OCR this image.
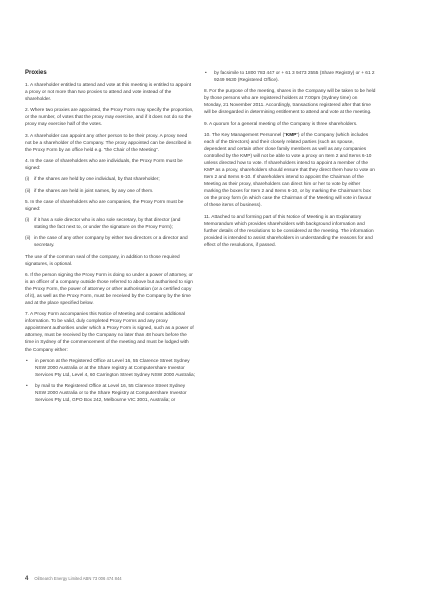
Proxies

1. A shareholder entitled to attend and vote at this meeting is entitled to appoint a proxy or not more than two proxies to attend and vote instead of the shareholder.

2. Where two proxies are appointed, the Proxy Form may specify the proportion, or the number, of votes that the proxy may exercise, and if it does not do so the proxy may exercise half of the votes.

3. A shareholder can appoint any other person to be their proxy. A proxy need not be a shareholder of the Company. The proxy appointed can be described in the Proxy Form by an office held e.g. “the Chair of the Meeting”.

4. In the case of shareholders who are individuals, the Proxy Form must be signed:

(i)	if the shares are held by one individual, by that shareholder;
(ii) if the shares are held in joint names, by any one of them.

5. In the case of shareholders who are companies, the Proxy Form must be signed:

(i)	if it has a sole director who is also sole secretary, by that director (and stating the fact next to, or under the signature on the Proxy Form);
(ii) in the case of any other company by either two directors or a director and secretary.

The use of the common seal of the company, in addition to those required signatures, is optional.

6. If the person signing the Proxy Form is doing so under a power of attorney, or is an officer of a company outside those referred to above but authorised to sign the Proxy Form, the power of attorney or other authorisation (or a certified copy of it), as well as the Proxy Form, must be received by the Company by the time and at the place specified below.

7. A Proxy Form accompanies this Notice of Meeting and contains additional information. To be valid, duly completed Proxy Forms and any proxy appointment authorities under which a Proxy Form is signed, such as a power of attorney, must be received by the Company no later than 48 hours before the time in Sydney of the commencement of the meeting and must be lodged with the Company either:

•	in person at the Registered Office at Level 16, 55 Clarence Street Sydney NSW 2000 Australia or at the Share registry at Computershare Investor Services Pty Ltd, Level 4, 60 Carrington Street Sydney NSW 2000 Australia;
•	by mail to the Registered Office at Level 16, 55 Clarence Street Sydney NSW 2000 Australia or to the Share Registry at Computershare Investor Services Pty Ltd, GPO Box 242, Melbourne VIC 3001, Australia; or
•	by facsimile to 1800 783 447 or + 61 3 9473 2555 (Share Registry) or + 61 2 9249 9630 (Registered Office).

8. For the purpose of the meeting, shares in the Company will be taken to be held by those persons who are registered holders at 7:00pm (Sydney time) on Monday, 21 November 2011. Accordingly, transactions registered after that time will be disregarded in determining entitlement to attend and vote at the meeting.

9. A quorum for a general meeting of the Company is three shareholders.

10. The Key Management Personnel (“KMP”) of the Company (which includes each of the Directors) and their closely related parties (such as spouse, dependent and certain other close family members as well as any companies controlled by the KMP) will not be able to vote a proxy on Item 2 and Items 6-10 unless directed how to vote. If shareholders intend to appoint a member of the KMP as a proxy, shareholders should ensure that they direct them how to vote on Item 2 and Items 6-10. If shareholders intend to appoint the Chairman of the Meeting as their proxy, shareholders can direct him or her to vote by either marking the boxes for Item 2 and Items 6-10, or by marking the Chairman’s box on the proxy form (in which case the Chairman of the Meeting will vote in favour of these items of business).

11. Attached to and forming part of this Notice of Meeting is an Explanatory Memorandum which provides shareholders with background information and further details of the resolutions to be considered at the meeting. The information provided is intended to assist shareholders in understanding the reasons for and effect of the resolutions, if passed.

4 OilSearch Energy Limited ABN 73 006 474 844
